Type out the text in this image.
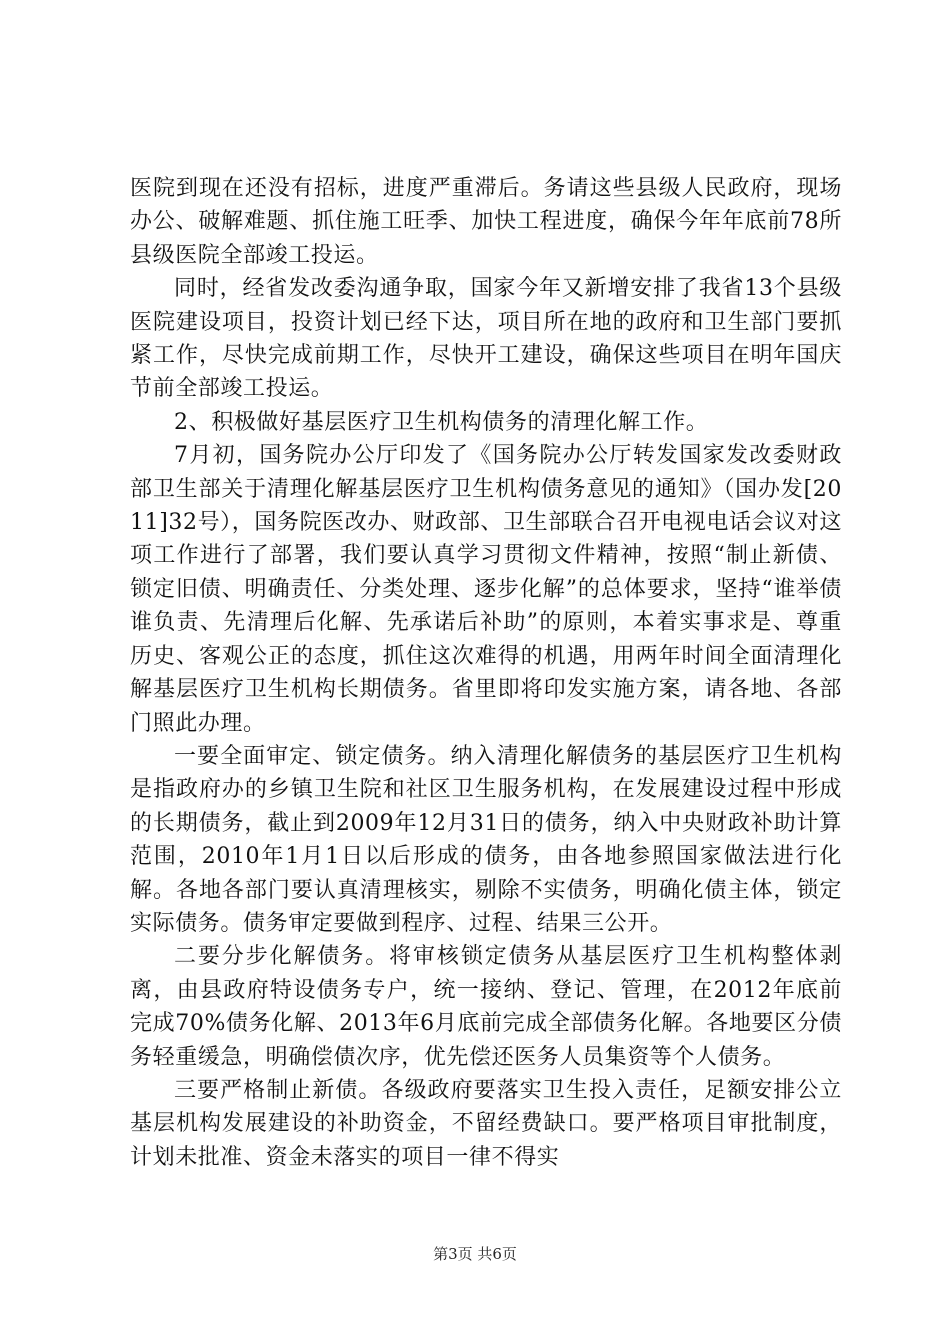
医院到现在还没有招标，进度严重滞后。务请这些县级人民政府，现场办公、破解难题、抓住施工旺季、加快工程进度，确保今年年底前78所县级医院全部竣工投运。

同时，经省发改委沟通争取，国家今年又新增安排了我省13个县级医院建设项目，投资计划已经下达，项目所在地的政府和卫生部门要抓紧工作，尽快完成前期工作，尽快开工建设，确保这些项目在明年国庆节前全部竣工投运。

2、积极做好基层医疗卫生机构债务的清理化解工作。

7月初，国务院办公厅印发了《国务院办公厅转发国家发改委财政部卫生部关于清理化解基层医疗卫生机构债务意见的通知》（国办发[2011]32号），国务院医改办、财政部、卫生部联合召开电视电话会议对这项工作进行了部署，我们要认真学习贯彻文件精神，按照“制止新债、锁定旧债、明确责任、分类处理、逐步化解”的总体要求，坚持“谁举债谁负责、先清理后化解、先承诺后补助”的原则，本着实事求是、尊重历史、客观公正的态度，抓住这次难得的机遇，用两年时间全面清理化解基层医疗卫生机构长期债务。省里即将印发实施方案，请各地、各部门照此办理。

一要全面审定、锁定债务。纳入清理化解债务的基层医疗卫生机构是指政府办的乡镇卫生院和社区卫生服务机构，在发展建设过程中形成的长期债务，截止到2009年12月31日的债务，纳入中央财政补助计算范围，2010年1月1日以后形成的债务，由各地参照国家做法进行化解。各地各部门要认真清理核实，剔除不实债务，明确化债主体，锁定实际债务。债务审定要做到程序、过程、结果三公开。

二要分步化解债务。将审核锁定债务从基层医疗卫生机构整体剥离，由县政府特设债务专户，统一接纳、登记、管理，在2012年底前完成70%债务化解、2013年6月底前完成全部债务化解。各地要区分债务轻重缓急，明确偿债次序，优先偿还医务人员集资等个人债务。

三要严格制止新债。各级政府要落实卫生投入责任，足额安排公立基层机构发展建设的补助资金，不留经费缺口。要严格项目审批制度，计划未批准、资金未落实的项目一律不得实

第3页 共6页
